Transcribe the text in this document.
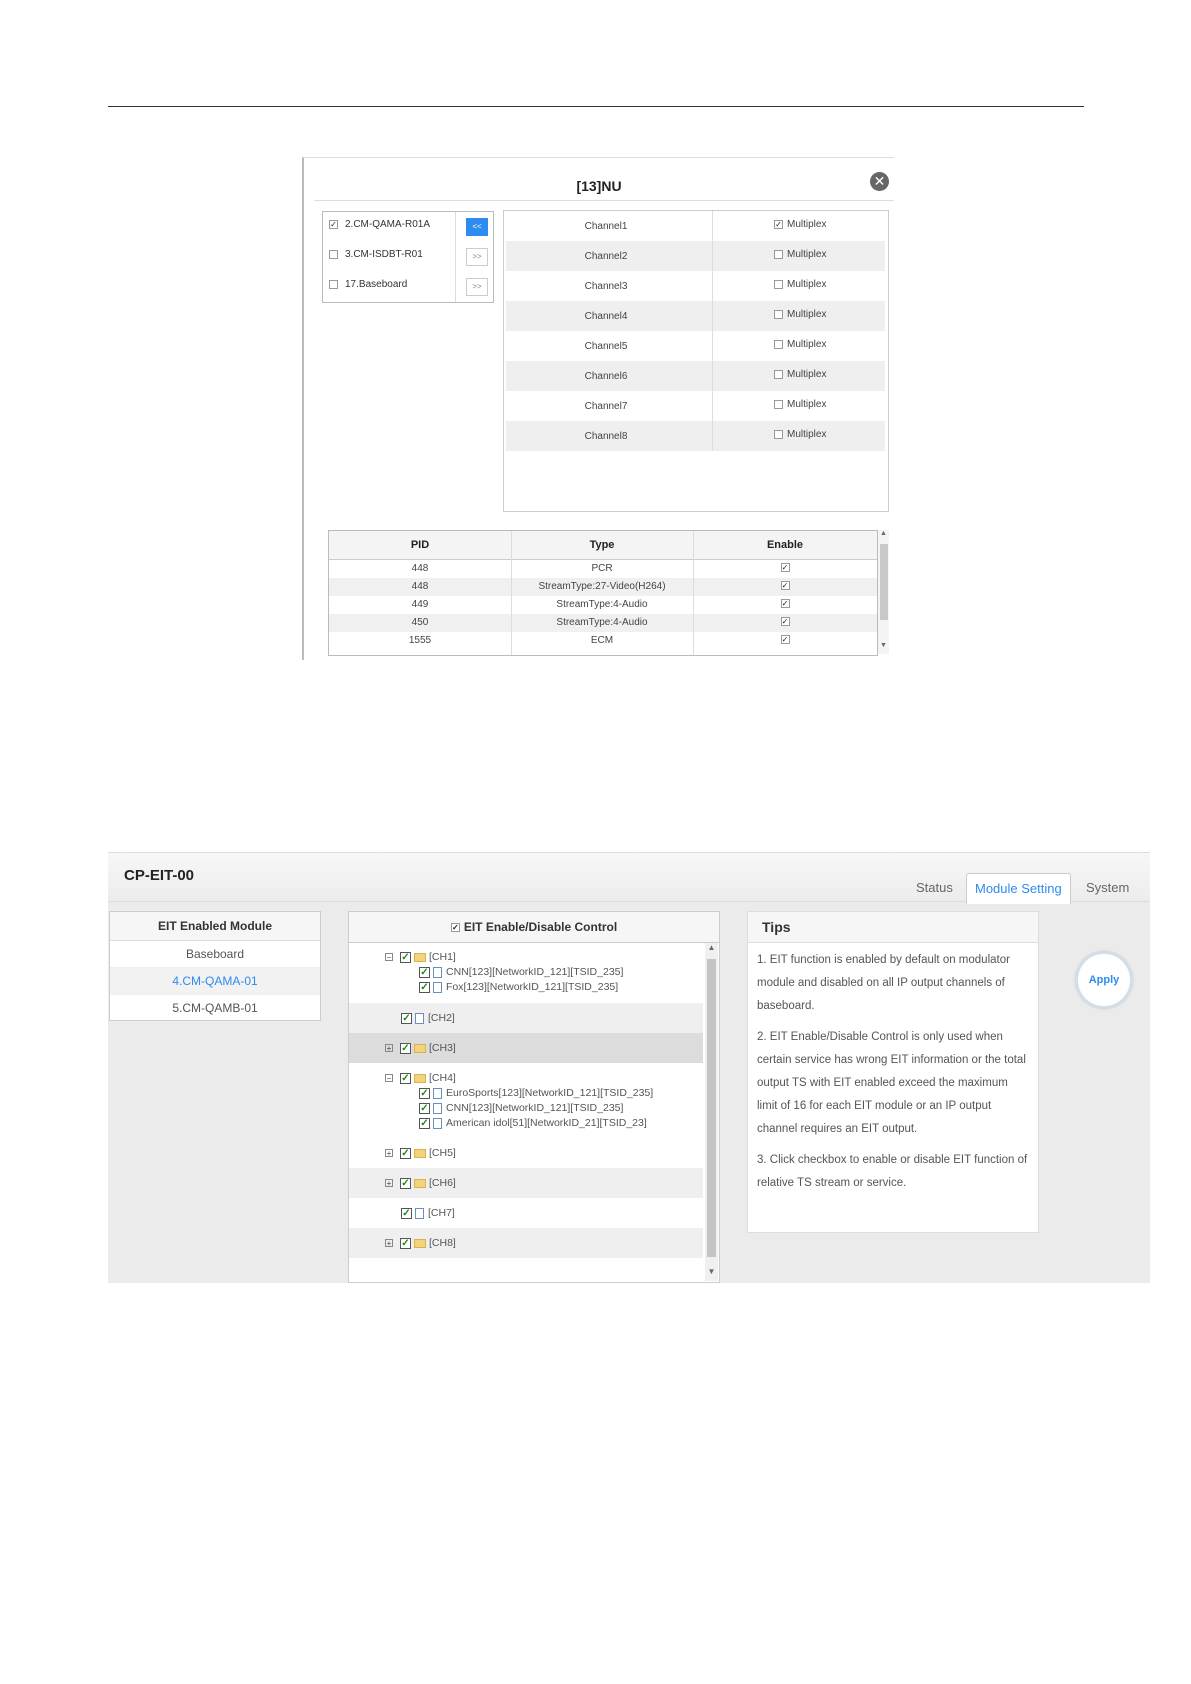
[13]NU	✕
✓ 2.CM-QAMA-R01A	<<
3.CM-ISDBT-R01	>>
17.Baseboard	>>
Channel1	✓ Multiplex
Channel2	Multiplex
Channel3	Multiplex
Channel4	Multiplex
Channel5	Multiplex
Channel6	Multiplex
Channel7	Multiplex
Channel8	Multiplex
PID	Type	Enable
448	PCR	✓
448	StreamType:27-Video(H264)	✓
449	StreamType:4-Audio	✓
450	StreamType:4-Audio	✓
1555	ECM	✓
▲
▼
CP-EIT-00
Status	Module Setting	System
EIT Enabled Module
Baseboard
4.CM-QAMA-01
5.CM-QAMB-01
✓ EIT Enable/Disable Control
− ✓ [CH1]
✓ CNN[123][NetworkID_121][TSID_235]
✓ Fox[123][NetworkID_121][TSID_235]
✓ [CH2]
+ ✓ [CH3]
− ✓ [CH4]
✓ EuroSports[123][NetworkID_121][TSID_235]
✓ CNN[123][NetworkID_121][TSID_235]
✓ American idol[51][NetworkID_21][TSID_23]
+ ✓ [CH5]
+ ✓ [CH6]
✓ [CH7]
+ ✓ [CH8]
▲
▼
Tips

1. EIT function is enabled by default on modulator module and disabled on all IP output channels of baseboard.

2. EIT Enable/Disable Control is only used when certain service has wrong EIT information or the total output TS with EIT enabled exceed the maximum limit of 16 for each EIT module or an IP output channel requires an EIT output.

3. Click checkbox to enable or disable EIT function of relative TS stream or service.

Apply
